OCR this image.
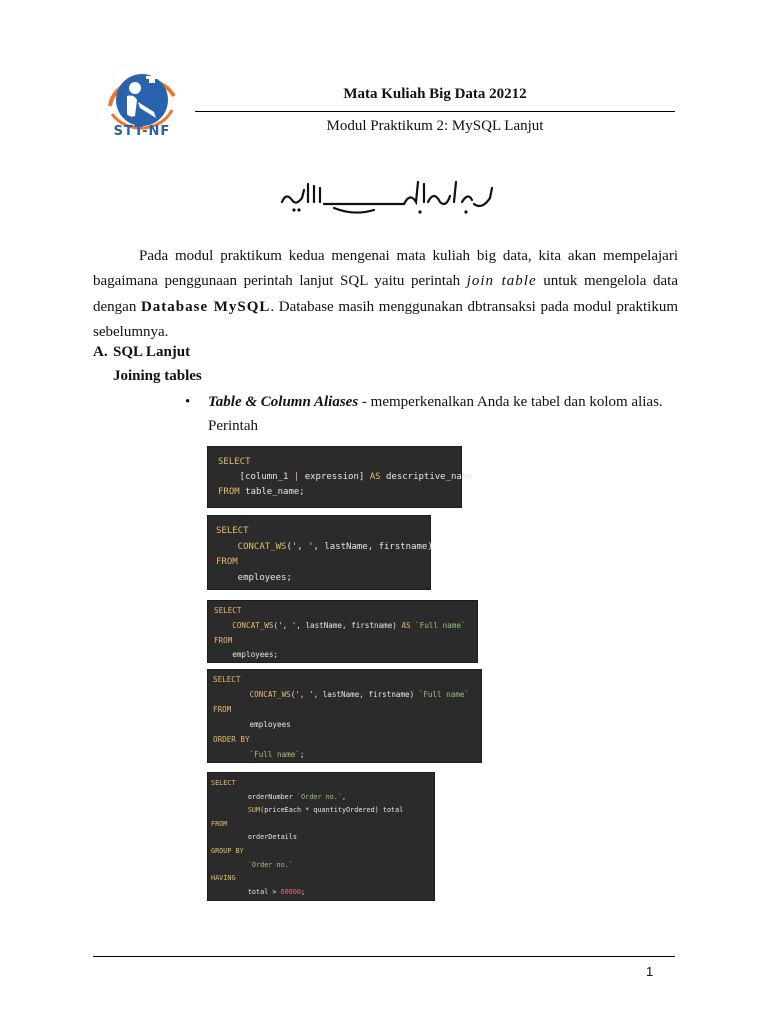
STT-NF
Mata Kuliah Big Data 20212
Modul Praktikum 2: MySQL Lanjut

Pada modul praktikum kedua mengenai mata kuliah big data, kita akan mempelajari bagaimana penggunaan perintah lanjut SQL yaitu perintah join table untuk mengelola data dengan Database MySQL. Database masih menggunakan dbtransaksi pada modul praktikum sebelumnya.

A. SQL Lanjut
Joining tables
• Table & Column Aliases - memperkenalkan Anda ke tabel dan kolom alias.
Perintah
SELECT
[column_1 | expression] AS descriptive_name
FROM table_name;
SELECT
CONCAT_WS(', ', lastName, firstname)
FROM
employees;
SELECT
CONCAT_WS(', ', lastName, firstname) AS `Full name`
FROM
employees;
SELECT
CONCAT_WS(', ', lastName, firstname) `Full name`
FROM
employees
ORDER BY
`Full name`;
SELECT
orderNumber `Order no.`,
SUM(priceEach * quantityOrdered) total
FROM
orderDetails
GROUP BY
`Order no.`
HAVING
total > 60000;
1
